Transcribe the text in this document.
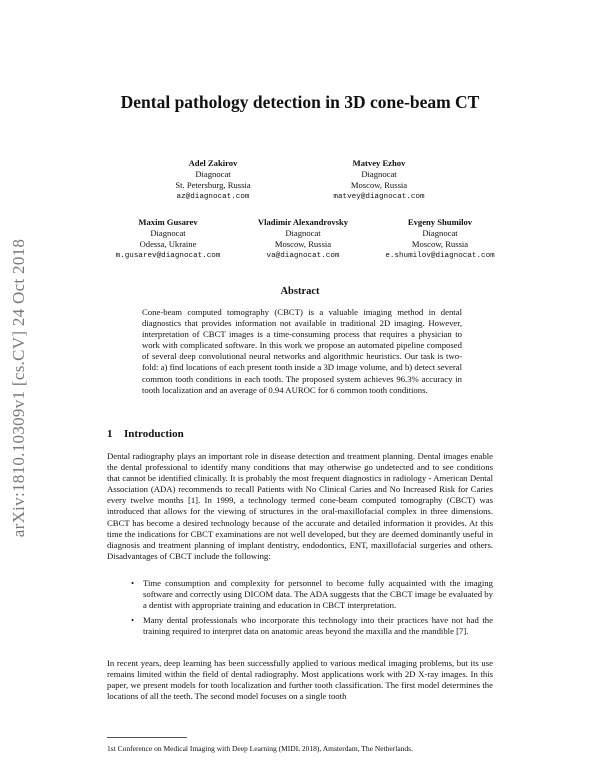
arXiv:1810.10309v1 [cs.CV] 24 Oct 2018
Dental pathology detection in 3D cone-beam CT
Adel Zakirov
Diagnocat
St. Petersburg, Russia
az@diagnocat.com
Matvey Ezhov
Diagnocat
Moscow, Russia
matvey@diagnocat.com
Maxim Gusarev
Diagnocat
Odessa, Ukraine
m.gusarev@diagnocat.com
Vladimir Alexandrovsky
Diagnocat
Moscow, Russia
va@diagnocat.com
Evgeny Shumilov
Diagnocat
Moscow, Russia
e.shumilov@diagnocat.com
Abstract
Cone-beam computed tomography (CBCT) is a valuable imaging method in dental diagnostics that provides information not available in traditional 2D imaging. However, interpretation of CBCT images is a time-consuming process that requires a physician to work with complicated software. In this work we propose an automated pipeline composed of several deep convolutional neural networks and algorithmic heuristics. Our task is two-fold: a) find locations of each present tooth inside a 3D image volume, and b) detect several common tooth conditions in each tooth. The proposed system achieves 96.3% accuracy in tooth localization and an average of 0.94 AUROC for 6 common tooth conditions.
1 Introduction
Dental radiography plays an important role in disease detection and treatment planning. Dental images enable the dental professional to identify many conditions that may otherwise go undetected and to see conditions that cannot be identified clinically. It is probably the most frequent diagnostics in radiology - American Dental Association (ADA) recommends to recall Patients with No Clinical Caries and No Increased Risk for Caries every twelve months [1]. In 1999, a technology termed cone-beam computed tomography (CBCT) was introduced that allows for the viewing of structures in the oral-maxillofacial complex in three dimensions. CBCT has become a desired technology because of the accurate and detailed information it provides. At this time the indications for CBCT examinations are not well developed, but they are deemed dominantly useful in diagnosis and treatment planning of implant dentistry, endodontics, ENT, maxillofacial surgeries and others. Disadvantages of CBCT include the following:
• Time consumption and complexity for personnel to become fully acquainted with the imaging software and correctly using DICOM data. The ADA suggests that the CBCT image be evaluated by a dentist with appropriate training and education in CBCT interpretation.
• Many dental professionals who incorporate this technology into their practices have not had the training required to interpret data on anatomic areas beyond the maxilla and the mandible [7].
In recent years, deep learning has been successfully applied to various medical imaging problems, but its use remains limited within the field of dental radiography. Most applications work with 2D X-ray images. In this paper, we present models for tooth localization and further tooth classification. The first model determines the locations of all the teeth. The second model focuses on a single tooth
1st Conference on Medical Imaging with Deep Learning (MIDL 2018), Amsterdam, The Netherlands.
